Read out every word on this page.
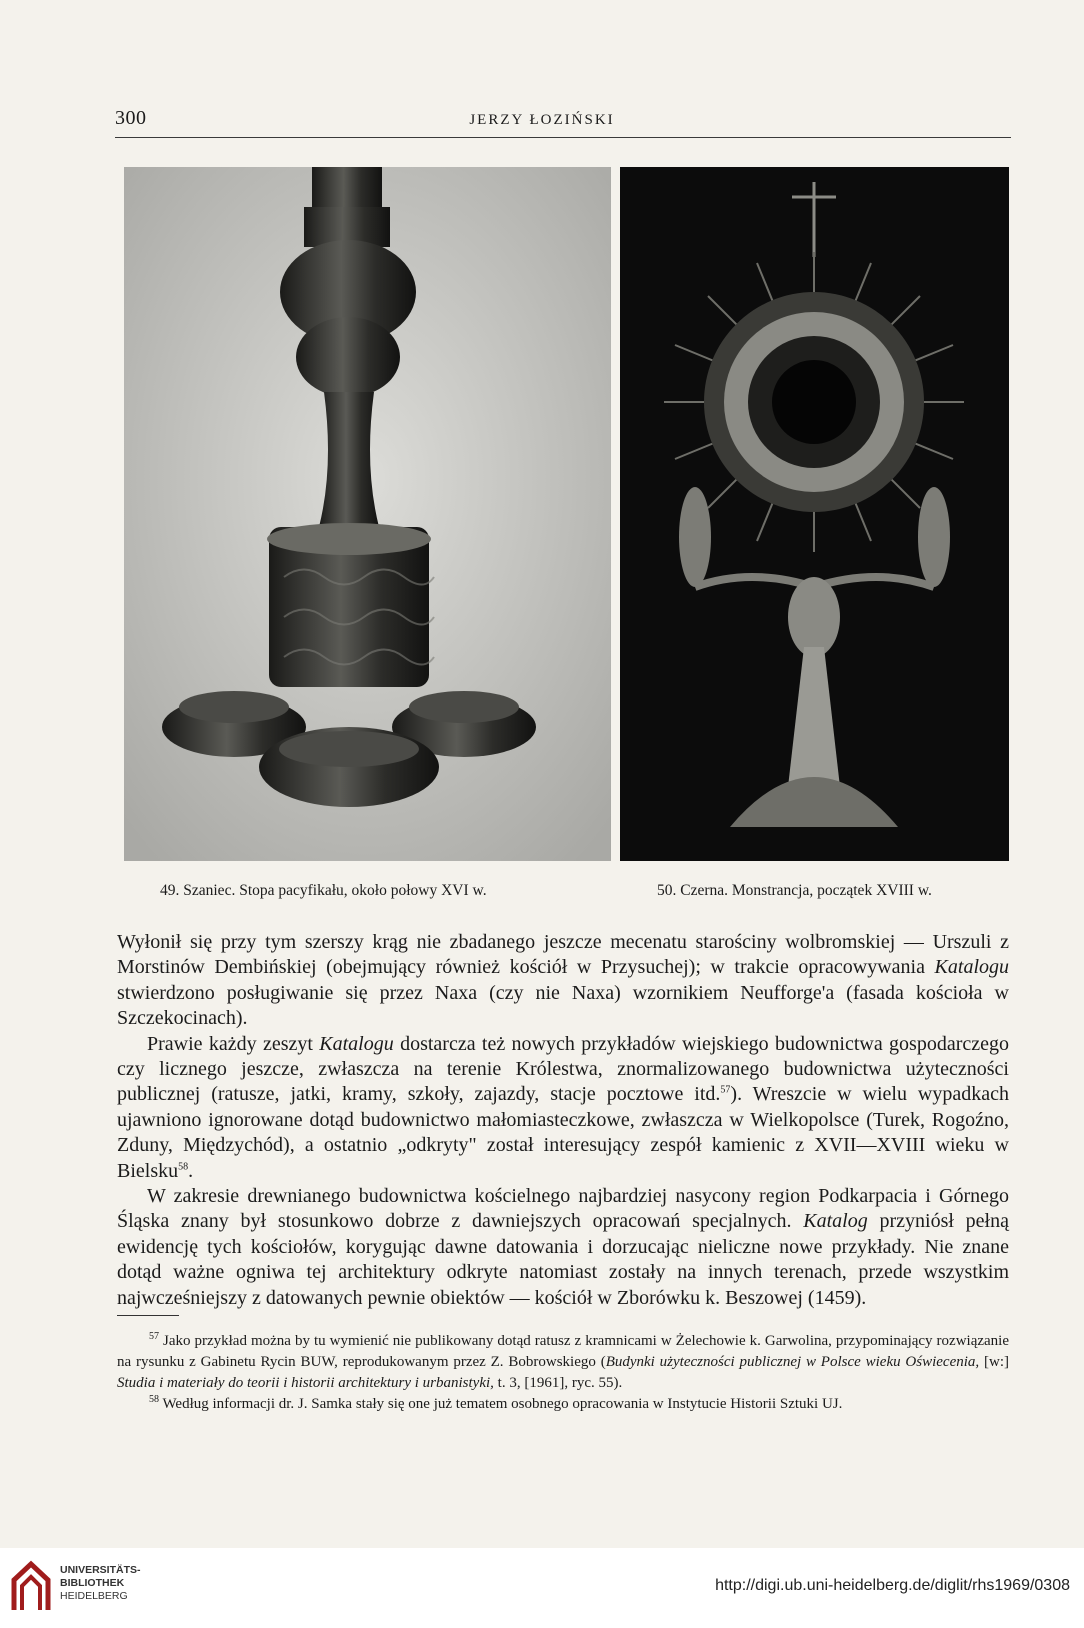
300	JERZY ŁOZIŃSKI
49. Szaniec. Stopa pacyfikału, około połowy XVI w.	50. Czerna. Monstrancja, początek XVIII w.

Wyłonił się przy tym szerszy krąg nie zbadanego jeszcze mecenatu starościny wolbromskiej — Urszuli z Morstinów Dembińskiej (obejmujący również kościół w Przysuchej); w trakcie opracowywania Katalogu stwierdzono posługiwanie się przez Naxa (czy nie Naxa) wzornikiem Neufforge'a (fasada kościoła w Szczekocinach).

Prawie każdy zeszyt Katalogu dostarcza też nowych przykładów wiejskiego budownictwa gospodarczego czy licznego jeszcze, zwłaszcza na terenie Królestwa, znormalizowanego budownictwa użyteczności publicznej (ratusze, jatki, kramy, szkoły, zajazdy, stacje pocztowe itd.$^{57}$). Wreszcie w wielu wypadkach ujawniono ignorowane dotąd budownictwo małomiasteczkowe, zwłaszcza w Wielkopolsce (Turek, Rogoźno, Zduny, Międzychód), a ostatnio „odkryty" został interesujący zespół kamienic z XVII—XVIII wieku w Bielsku$^{58}$.

W zakresie drewnianego budownictwa kościelnego najbardziej nasycony region Podkarpacia i Górnego Śląska znany był stosunkowo dobrze z dawniejszych opracowań specjalnych. Katalog przyniósł pełną ewidencję tych kościołów, korygując dawne datowania i dorzucając nieliczne nowe przykłady. Nie znane dotąd ważne ogniwa tej architektury odkryte natomiast zostały na innych terenach, przede wszystkim najwcześniejszy z datowanych pewnie obiektów — kościół w Zborówku k. Beszowej (1459).

$^{57}$ Jako przykład można by tu wymienić nie publikowany dotąd ratusz z kramnicami w Żelechowie k. Garwolina, przypominający rozwiązanie na rysunku z Gabinetu Rycin BUW, reprodukowanym przez Z. Bobrowskiego (Budynki użyteczności publicznej w Polsce wieku Oświecenia, [w:] Studia i materiały do teorii i historii architektury i urbanistyki, t. 3, [1961], ryc. 55).

$^{58}$ Według informacji dr. J. Samka stały się one już tematem osobnego opracowania w Instytucie Historii Sztuki UJ.

UNIVERSITÄTS-
BIBLIOTHEK
HEIDELBERG
http://digi.ub.uni-heidelberg.de/diglit/rhs1969/0308
